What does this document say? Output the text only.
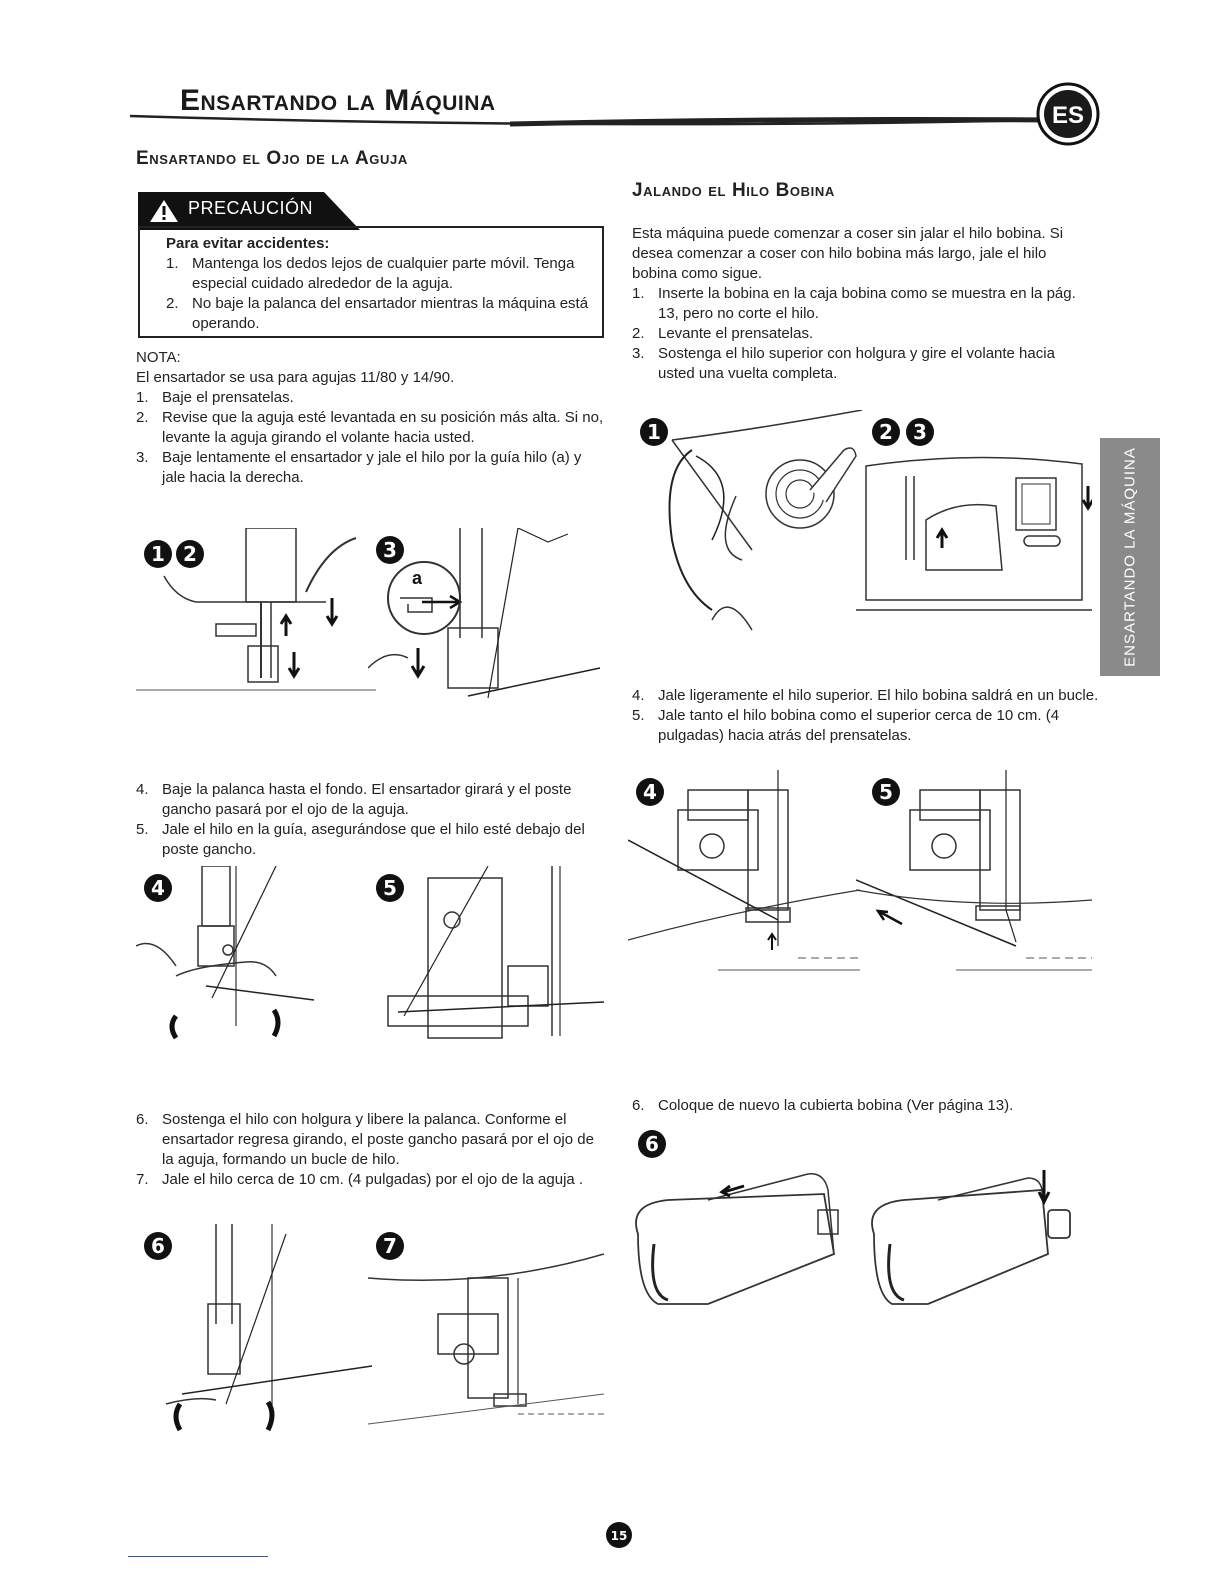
Ensartando la Máquina	ES
ENSARTANDO LA MÁQUINA
Ensartando el Ojo de la Aguja
PRECAUCIÓN
Para evitar accidentes:
1. Mantenga los dedos lejos de cualquier parte móvil. Tenga especial cuidado alrededor de la aguja.
2. No baje la palanca del ensartador mientras la máquina está operando.
NOTA:
El ensartador se usa para agujas 11/80 y 14/90.
1. Baje el prensatelas.
2. Revise que la aguja esté levantada en su posición más alta. Si no, levante la aguja girando el volante hacia usted.
3. Baje lentamente el ensartador y jale el hilo por la guía hilo (a) y jale hacia la derecha.
1 2	3
a
4. Baje la palanca hasta el fondo. El ensartador girará y el poste gancho pasará por el ojo de la aguja.
5. Jale el hilo en la guía, asegurándose que el hilo esté debajo del poste gancho.
4	5
6. Sostenga el hilo con holgura y libere la palanca. Conforme el ensartador regresa girando, el poste gancho pasará por el ojo de la aguja, formando un bucle de hilo.
7. Jale el hilo cerca de 10 cm. (4 pulgadas) por el ojo de la aguja .
6	7
Jalando el Hilo Bobina
Esta máquina puede comenzar a coser sin jalar el hilo bobina. Si desea comenzar a coser con hilo bobina más largo, jale el hilo bobina como sigue.
1. Inserte la bobina en la caja bobina como se muestra en la pág. 13, pero no corte el hilo.
2. Levante el prensatelas.
3. Sostenga el hilo superior con holgura y gire el volante hacia usted una vuelta completa.
1	2 3
4. Jale ligeramente el hilo superior. El hilo bobina saldrá en un bucle.
5. Jale tanto el hilo bobina como el superior cerca de 10 cm. (4 pulgadas) hacia atrás del prensatelas.
4	5
6. Coloque de nuevo la cubierta bobina (Ver página 13).
6
15
